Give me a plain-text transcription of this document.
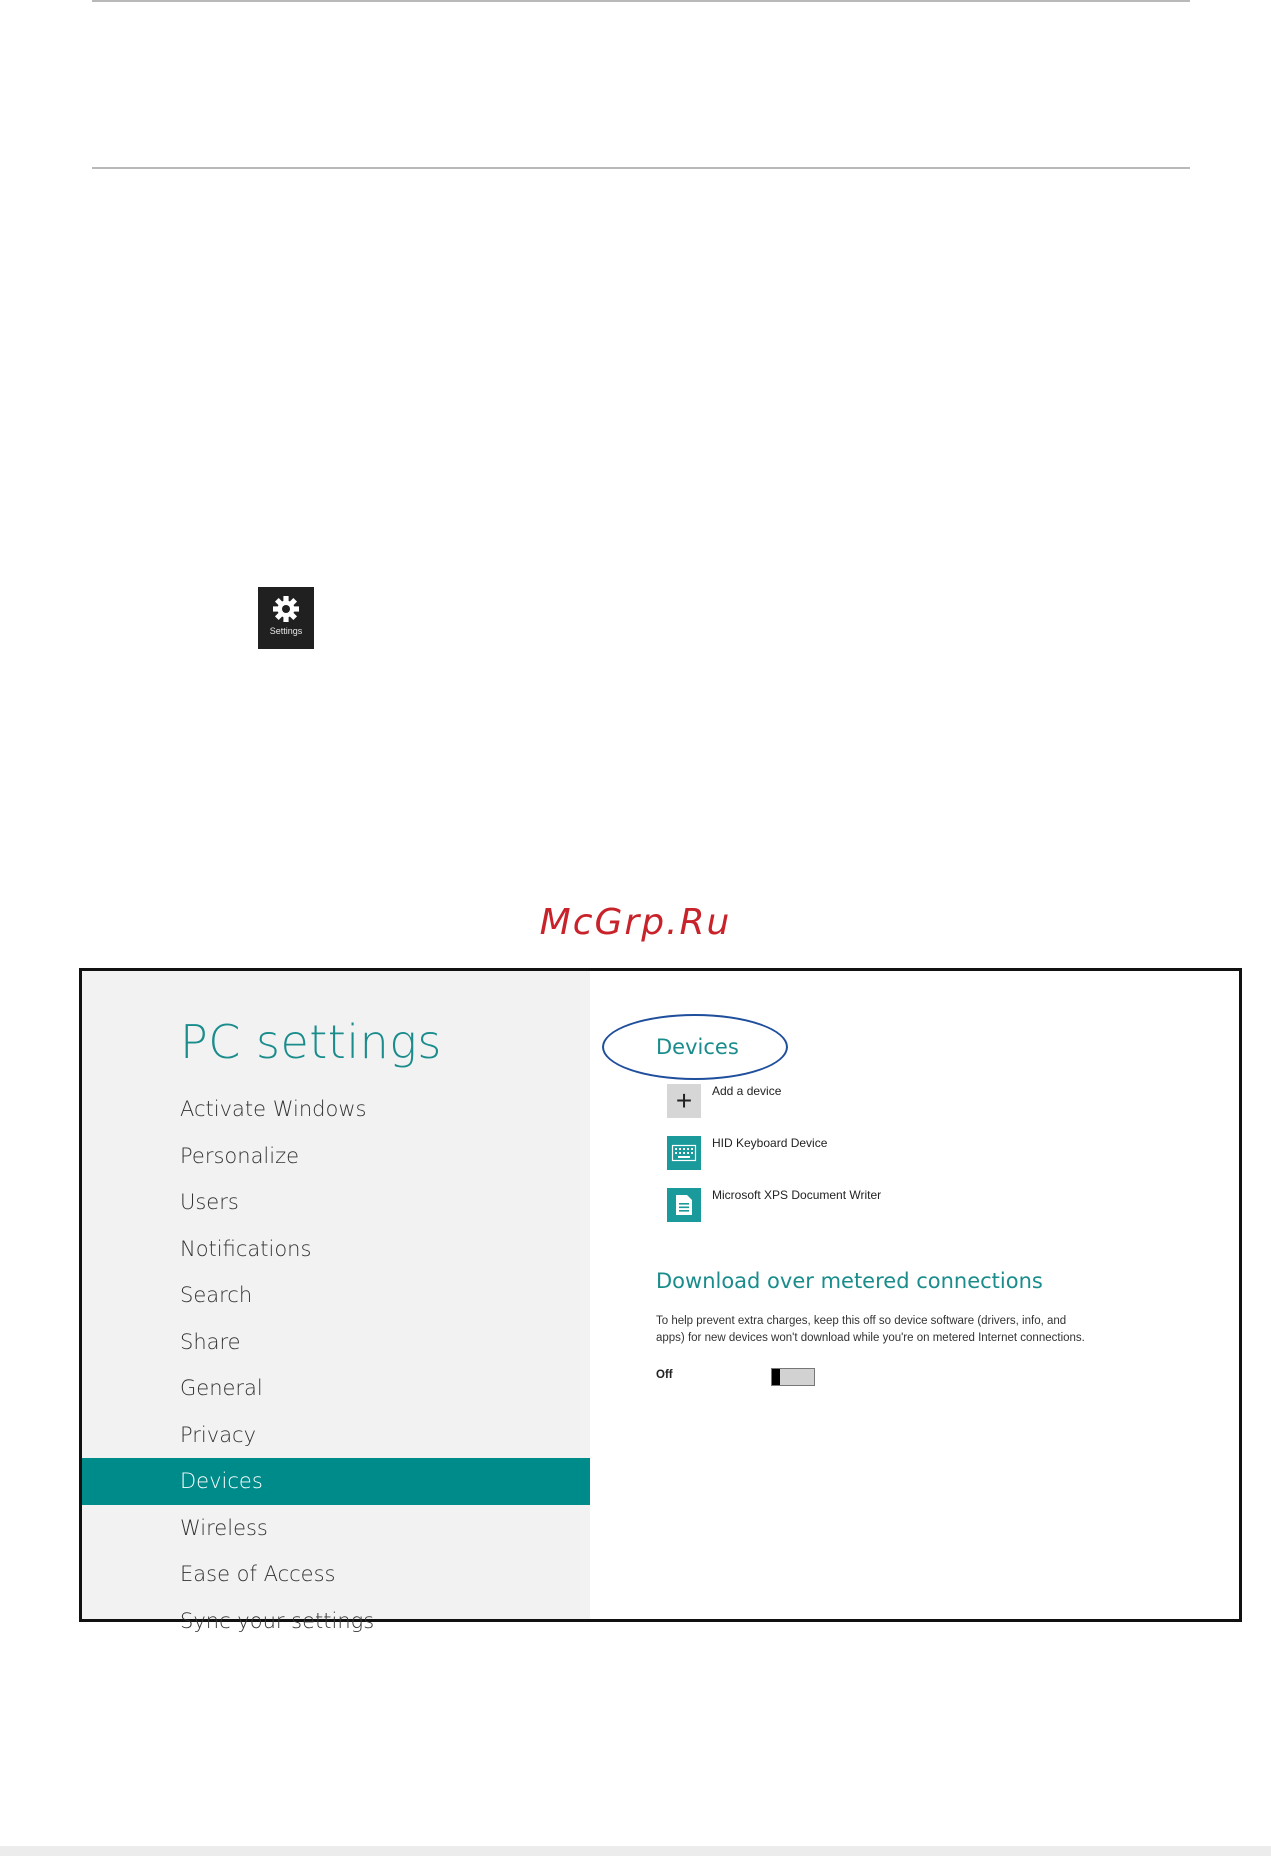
Settings
McGrp.Ru
PC settings
Activate Windows
Personalize
Users
Notifications
Search
Share
General
Privacy
Devices
Wireless
Ease of Access
Sync your settings
Devices
+	Add a device
HID Keyboard Device
Microsoft XPS Document Writer
Download over metered connections
To help prevent extra charges, keep this off so device software (drivers, info, and apps) for new devices won't download while you're on metered Internet connections.
Off
